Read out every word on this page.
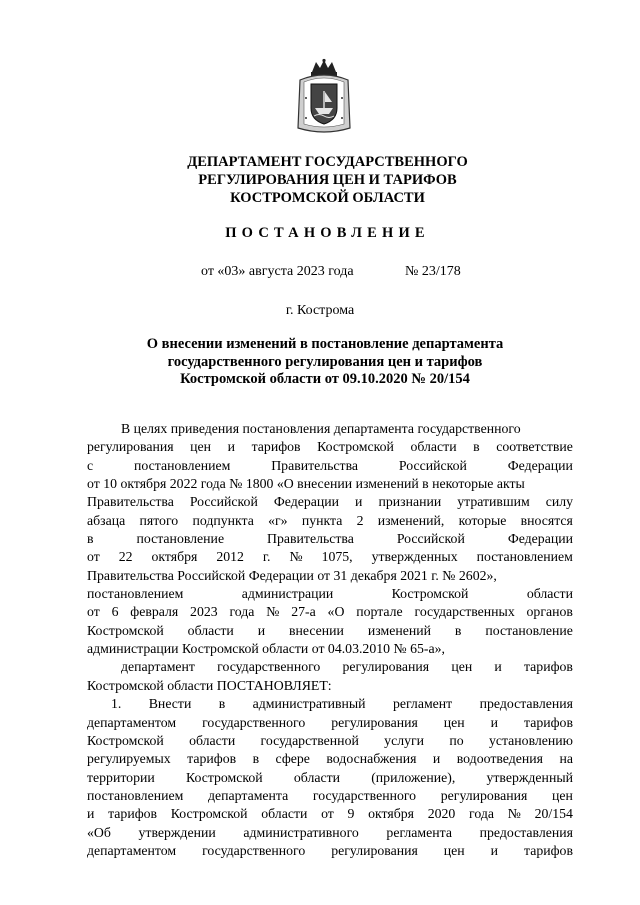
ДЕПАРТАМЕНТ ГОСУДАРСТВЕННОГО
РЕГУЛИРОВАНИЯ ЦЕН И ТАРИФОВ
КОСТРОМСКОЙ ОБЛАСТИ
ПОСТАНОВЛЕНИЕ
от «03» августа 2023 года	№ 23/178
г. Кострома
О внесении изменений в постановление департамента
государственного регулирования цен и тарифов
Костромской области от 09.10.2020 № 20/154
В целях приведения постановления департамента государственного
регулирования цен и тарифов Костромской области в соответствие
с	постановлением	Правительства	Российской	Федерации
от 10 октября 2022 года № 1800 «О внесении изменений в некоторые акты
Правительства Российской Федерации и признании утратившим силу
абзаца пятого подпункта «г» пункта 2 изменений, которые вносятся
в	постановление	Правительства	Российской	Федерации
от 22 октября 2012 г. № 1075, утвержденных постановлением
Правительства Российской Федерации от 31 декабря 2021 г. № 2602»,
постановлением	администрации	Костромской	области
от 6 февраля 2023 года № 27-а «О портале государственных органов
Костромской области и внесении изменений в постановление
администрации Костромской области от 04.03.2010 № 65-а»,
департамент государственного регулирования цен и тарифов
Костромской области ПОСТАНОВЛЯЕТ:
1. Внести в административный регламент предоставления
департаментом государственного регулирования цен и тарифов
Костромской области государственной услуги по установлению
регулируемых тарифов в сфере водоснабжения и водоотведения на
территории Костромской области (приложение), утвержденный
постановлением департамента государственного регулирования цен
и тарифов Костромской области от 9 октября 2020 года № 20/154
«Об утверждении административного регламента предоставления
департаментом государственного регулирования цен и тарифов
